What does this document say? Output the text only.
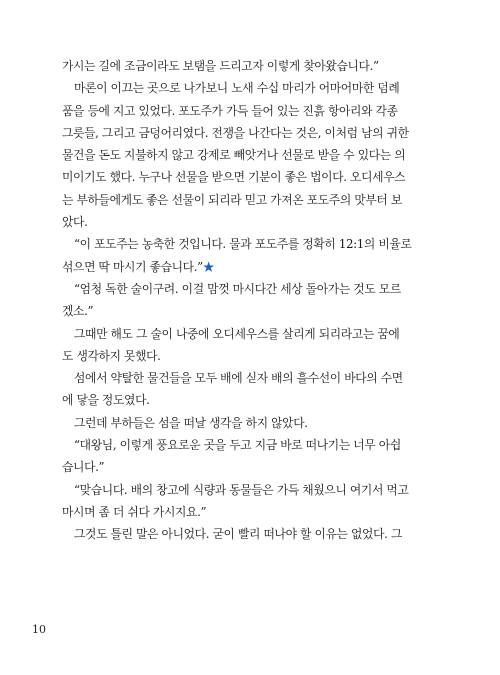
가시는 길에 조금이라도 보탬을 드리고자 이렇게 찾아왔습니다.”
마론이 이끄는 곳으로 나가보니 노새 수십 마리가 어마어마한 덤례
품을 등에 지고 있었다. 포도주가 가득 들어 있는 진흙 항아리와 각종
그릇들, 그리고 금덩어리였다. 전쟁을 나간다는 것은, 이처럼 남의 귀한
물건을 돈도 지불하지 않고 강제로 빼앗거나 선물로 받을 수 있다는 의
미이기도 했다. 누구나 선물을 받으면 기분이 좋은 법이다. 오디세우스
는 부하들에게도 좋은 선물이 되리라 믿고 가져온 포도주의 맛부터 보
았다.
“이 포도주는 농축한 것입니다. 물과 포도주를 정확히 12:1의 비율로
섞으면 딱 마시기 좋습니다.”★
“엄청 독한 술이구려. 이걸 맘껏 마시다간 세상 돌아가는 것도 모르
겠소.”
그때만 해도 그 술이 나중에 오디세우스를 살리게 되리라고는 꿈에
도 생각하지 못했다.
섬에서 약탈한 물건들을 모두 배에 싣자 배의 흘수선이 바다의 수면
에 닿을 정도였다.
그런데 부하들은 섬을 떠날 생각을 하지 않았다.
“대왕님, 이렇게 풍요로운 곳을 두고 지금 바로 떠나기는 너무 아쉽
습니다.”
“맞습니다. 배의 창고에 식량과 동물들은 가득 채웠으니 여기서 먹고
마시며 좀 더 쉬다 가시지요.”
그것도 틀린 말은 아니었다. 굳이 빨리 떠나야 할 이유는 없었다. 그
10
